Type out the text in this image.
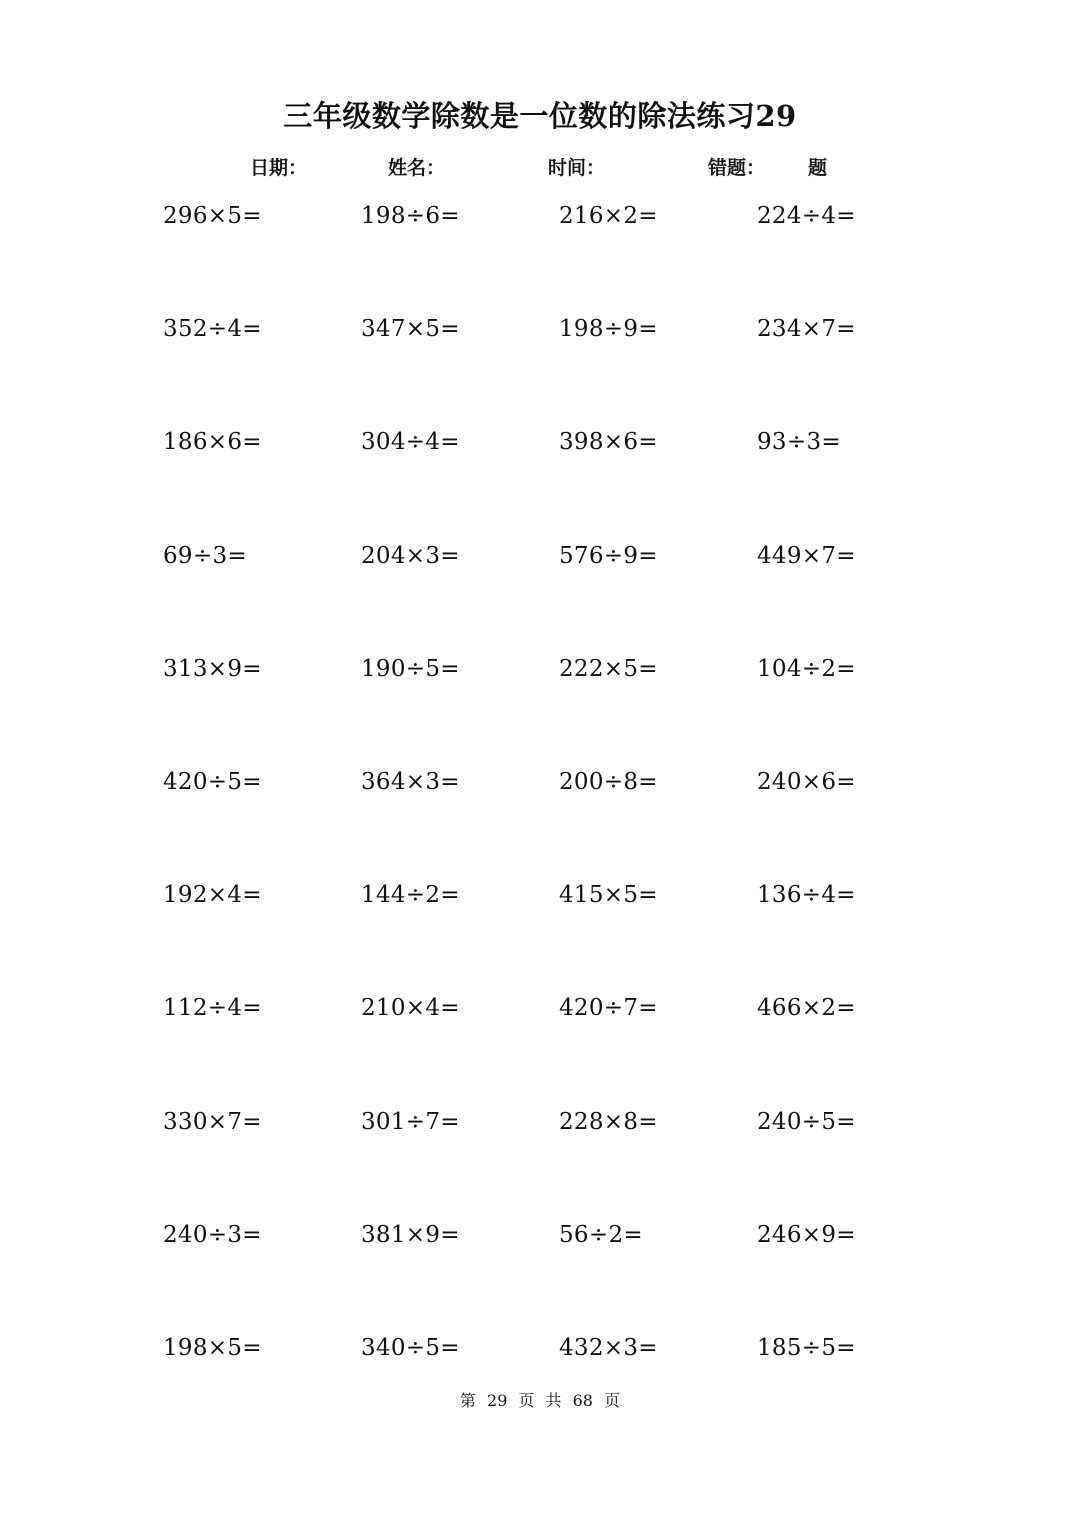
三年级数学除数是一位数的除法练习29
日期：	姓名：	时间：	错题： 题
296×5=	198÷6=	216×2=	224÷4=
352÷4=	347×5=	198÷9=	234×7=
186×6=	304÷4=	398×6=	93÷3=
69÷3=	204×3=	576÷9=	449×7=
313×9=	190÷5=	222×5=	104÷2=
420÷5=	364×3=	200÷8=	240×6=
192×4=	144÷2=	415×5=	136÷4=
112÷4=	210×4=	420÷7=	466×2=
330×7=	301÷7=	228×8=	240÷5=
240÷3=	381×9=	56÷2=	246×9=
198×5=	340÷5=	432×3=	185÷5=
第 29 页 共 68 页
